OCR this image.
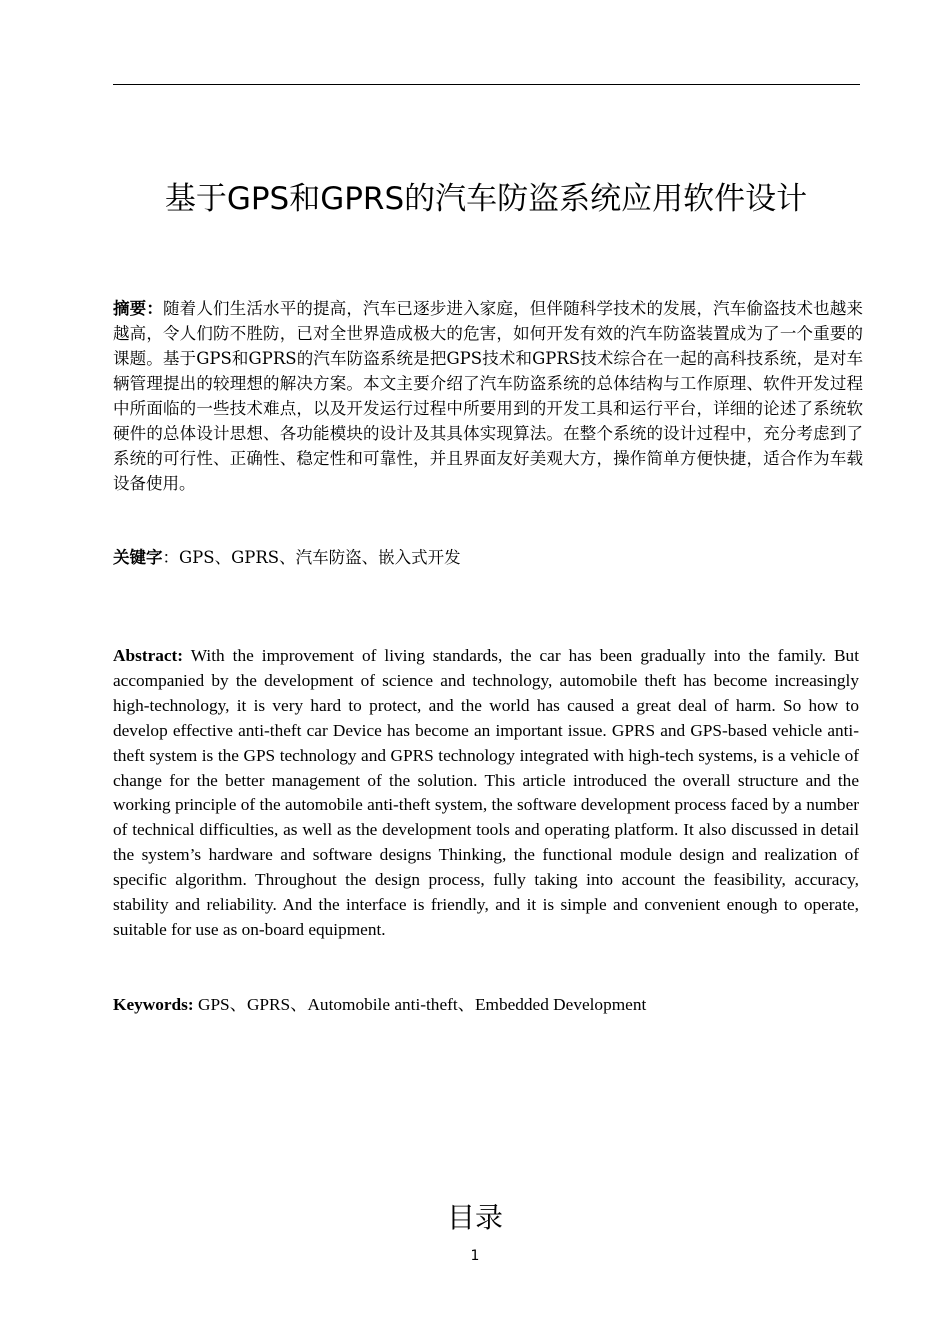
基于GPS和GPRS的汽车防盗系统应用软件设计

摘要：随着人们生活水平的提高，汽车已逐步进入家庭，但伴随科学技术的发展，汽车偷盗技术也越来越高，令人们防不胜防，已对全世界造成极大的危害，如何开发有效的汽车防盗装置成为了一个重要的课题。基于GPS和GPRS的汽车防盗系统是把GPS技术和GPRS技术综合在一起的高科技系统，是对车辆管理提出的较理想的解决方案。本文主要介绍了汽车防盗系统的总体结构与工作原理、软件开发过程中所面临的一些技术难点，以及开发运行过程中所要用到的开发工具和运行平台，详细的论述了系统软硬件的总体设计思想、各功能模块的设计及其具体实现算法。在整个系统的设计过程中，充分考虑到了系统的可行性、正确性、稳定性和可靠性，并且界面友好美观大方，操作简单方便快捷，适合作为车载设备使用。

关键字：GPS、GPRS、汽车防盗、嵌入式开发

Abstract: With the improvement of living standards, the car has been gradually into the family. But accompanied by the development of science and technology, automobile theft has become increasingly high-technology, it is very hard to protect, and the world has caused a great deal of harm. So how to develop effective anti-theft car Device has become an important issue. GPRS and GPS-based vehicle anti-theft system is the GPS technology and GPRS technology integrated with high-tech systems, is a vehicle of change for the better management of the solution. This article introduced the overall structure and the working principle of the automobile anti-theft system, the software development process faced by a number of technical difficulties, as well as the development tools and operating platform. It also discussed in detail the system’s hardware and software designs Thinking, the functional module design and realization of specific algorithm. Throughout the design process, fully taking into account the feasibility, accuracy, stability and reliability. And the interface is friendly, and it is simple and convenient enough to operate, suitable for use as on-board equipment.

Keywords: GPS、GPRS、Automobile anti-theft、Embedded Development

目录
1
